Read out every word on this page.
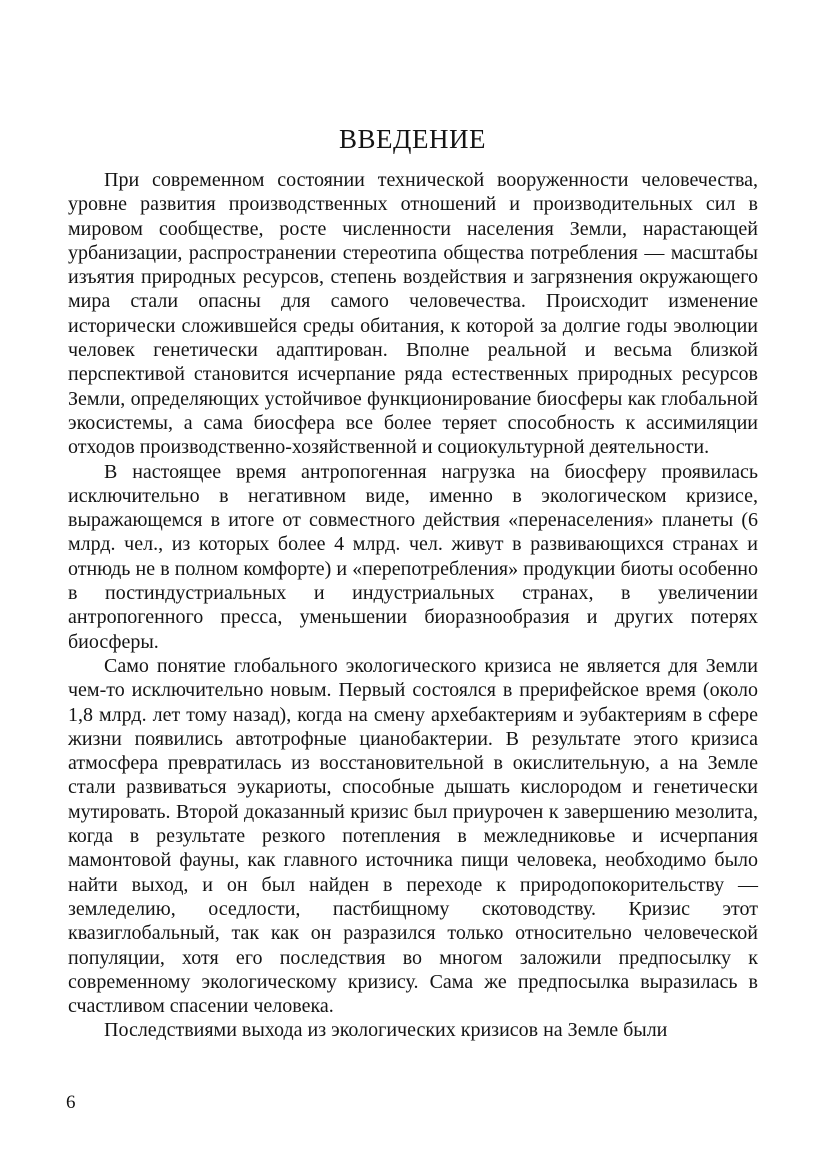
ВВЕДЕНИЕ

При современном состоянии технической вооруженности человечества, уровне развития производственных отношений и производительных сил в мировом сообществе, росте численности населения Земли, нарастающей урбанизации, распространении стереотипа общества потребления — масштабы изъятия природных ресурсов, степень воздействия и загрязнения окружающего мира стали опасны для самого человечества. Происходит изменение исторически сложившейся среды обитания, к которой за долгие годы эволюции человек генетически адаптирован. Вполне реальной и весьма близкой перспективой становится исчерпание ряда естественных природных ресурсов Земли, определяющих устойчивое функционирование биосферы как глобальной экосистемы, а сама биосфера все более теряет способность к ассимиляции отходов производственно-хозяйственной и социокультурной деятельности.

В настоящее время антропогенная нагрузка на биосферу проявилась исключительно в негативном виде, именно в экологическом кризисе, выражающемся в итоге от совместного действия «перенаселения» планеты (6 млрд. чел., из которых более 4 млрд. чел. живут в развивающихся странах и отнюдь не в полном комфорте) и «перепотребления» продукции биоты особенно в постиндустриальных и индустриальных странах, в увеличении антропогенного пресса, уменьшении биоразнообразия и других потерях биосферы.

Само понятие глобального экологического кризиса не является для Земли чем-то исключительно новым. Первый состоялся в прерифейское время (около 1,8 млрд. лет тому назад), когда на смену архебактериям и эубактериям в сфере жизни появились автотрофные цианобактерии. В результате этого кризиса атмосфера превратилась из восстановительной в окислительную, а на Земле стали развиваться эукариоты, способные дышать кислородом и генетически мутировать. Второй доказанный кризис был приурочен к завершению мезолита, когда в результате резкого потепления в межледниковье и исчерпания мамонтовой фауны, как главного источника пищи человека, необходимо было найти выход, и он был найден в переходе к природопокорительству — земледелию, оседлости, пастбищному скотоводству. Кризис этот квазиглобальный, так как он разразился только относительно человеческой популяции, хотя его последствия во многом заложили предпосылку к современному экологическому кризису. Сама же предпосылка выразилась в счастливом спасении человека.

Последствиями выхода из экологических кризисов на Земле были

6
